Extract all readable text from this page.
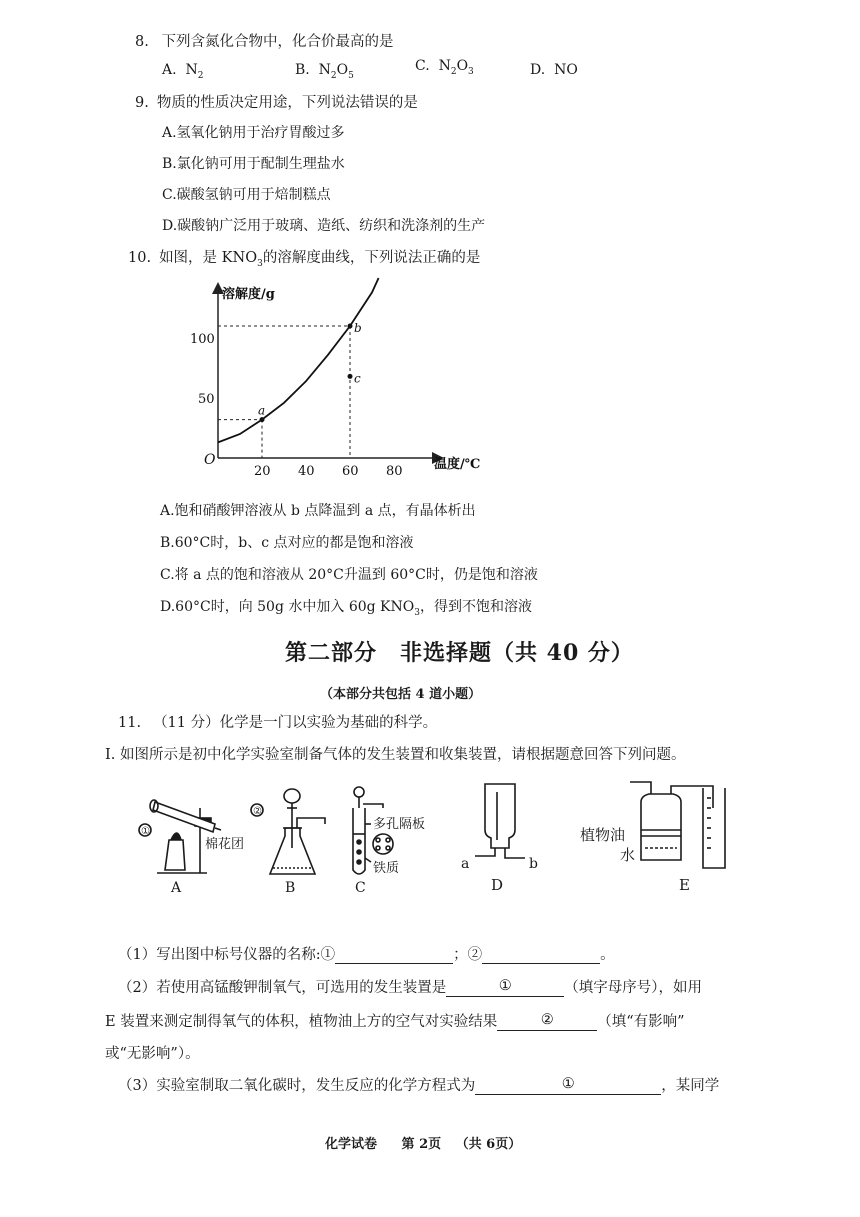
8. 下列含氮化合物中，化合价最高的是
A. $N_2$	B. $N_2O_5$
C. $N_2O_3$	D. NO
9. 物质的性质决定用途，下列说法错误的是
A.氢氧化钠用于治疗胃酸过多
B.氯化钠可用于配制生理盐水
C.碳酸氢钠可用于焙制糕点
D.碳酸钠广泛用于玻璃、造纸、纺织和洗涤剂的生产
10. 如图，是 $KNO_3$的溶解度曲线，下列说法正确的是
溶解度/g
温度/℃
O
20 40 60 80
50
100
a
b
c
A.饱和硝酸钾溶液从 b 点降温到 a 点，有晶体析出
B.60°C时，b、c 点对应的都是饱和溶液
C.将 a 点的饱和溶液从 20°C升温到 60°C时，仍是饱和溶液
D.60°C时，向 50g 水中加入 60g $KNO_3$，得到不饱和溶液
第二部分　非选择题（共 40 分）
（本部分共包括 4 道小题）
11. （11 分）化学是一门以实验为基础的科学。
I. 如图所示是初中化学实验室制备气体的发生装置和收集装置，请根据题意回答下列问题。
①
棉花团
A
②
B
多孔隔板
铁质
C
a	b
D
植物油
水
E
（1）写出图中标号仪器的名称:①	；②	。
（2）若使用高锰酸钾制氧气，可选用的发生装置是	①	（填字母序号），如用
E 装置来测定制得氧气的体积，植物油上方的空气对实验结果	②	（填“有影响”
或“无影响”）。
（3）实验室制取二氧化碳时，发生反应的化学方程式为	①	，某同学
化学试卷 第 2页 （共 6页）
